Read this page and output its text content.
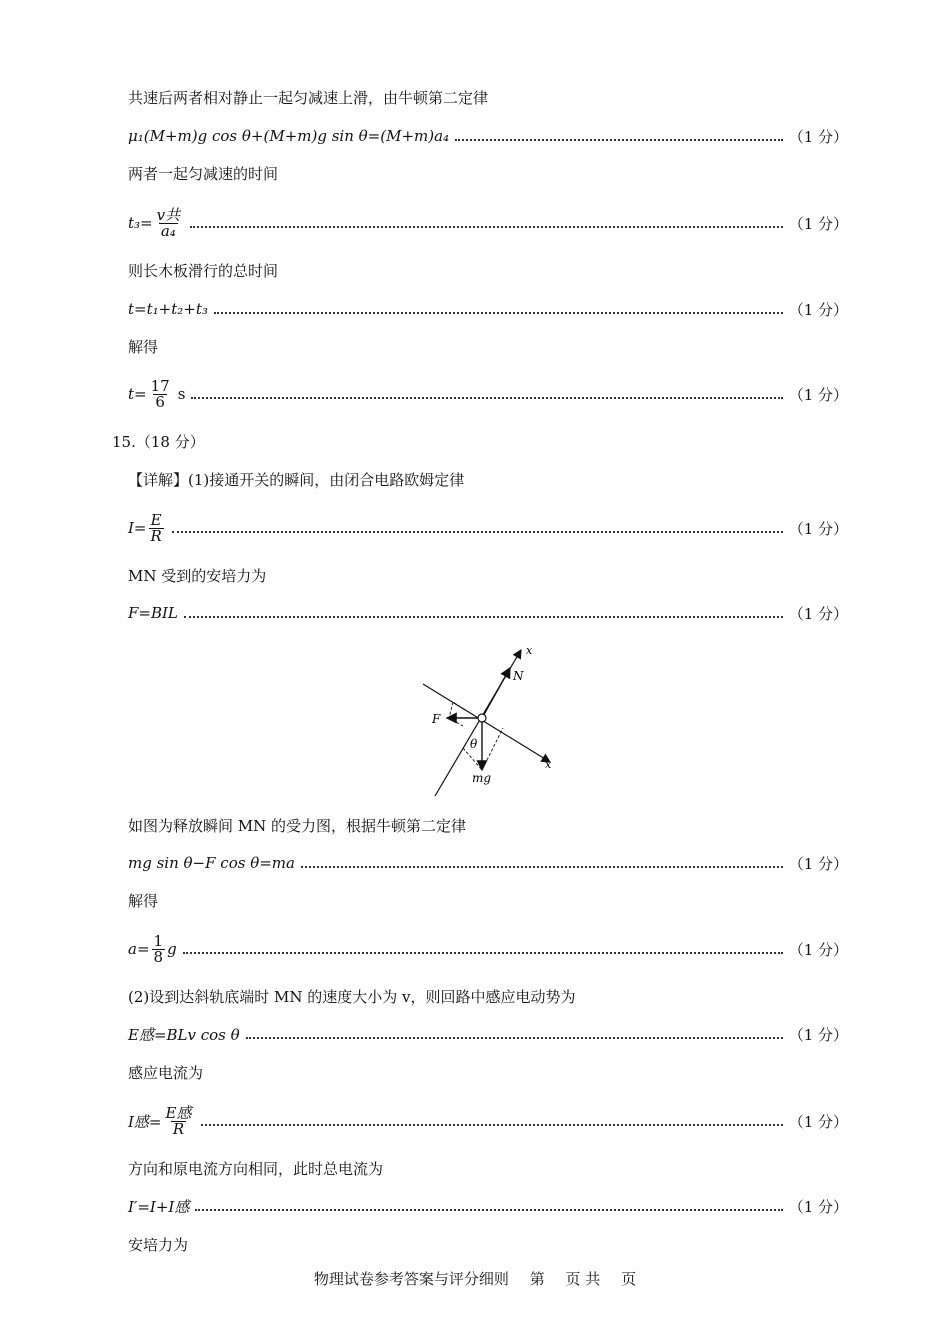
共速后两者相对静止一起匀减速上滑，由牛顿第二定律
μ₁(M+m)g cos θ+(M+m)g sin θ=(M+m)a₄	（1 分）
两者一起匀减速的时间
$t_3= \frac{\text{v共}}{\text{a₄}}$	（1 分）
则长木板滑行的总时间
t=t₁+t₂+t₃	（1 分）
解得
$t= \frac{17}{6}$ s	（1 分）
15.（18 分）
【详解】(1)接通开关的瞬间，由闭合电路欧姆定律
$I= \frac{E}{R}$	（1 分）
MN 受到的安培力为
F=BIL	（1 分）
x
x
N
F
θ
mg
如图为释放瞬间 MN 的受力图，根据牛顿第二定律
mg sin θ−F cos θ=ma	（1 分）
解得
$a= \frac{1}{8}$ g	（1 分）
(2)设到达斜轨底端时 MN 的速度大小为 v，则回路中感应电动势为
E感=BLv cos θ	（1 分）
感应电流为
I感= $\frac{\text{E感}}{R}$	（1 分）
方向和原电流方向相同，此时总电流为
I′=I+I感	（1 分）
安培力为
物理试卷参考答案与评分细则 第 页 共 页
